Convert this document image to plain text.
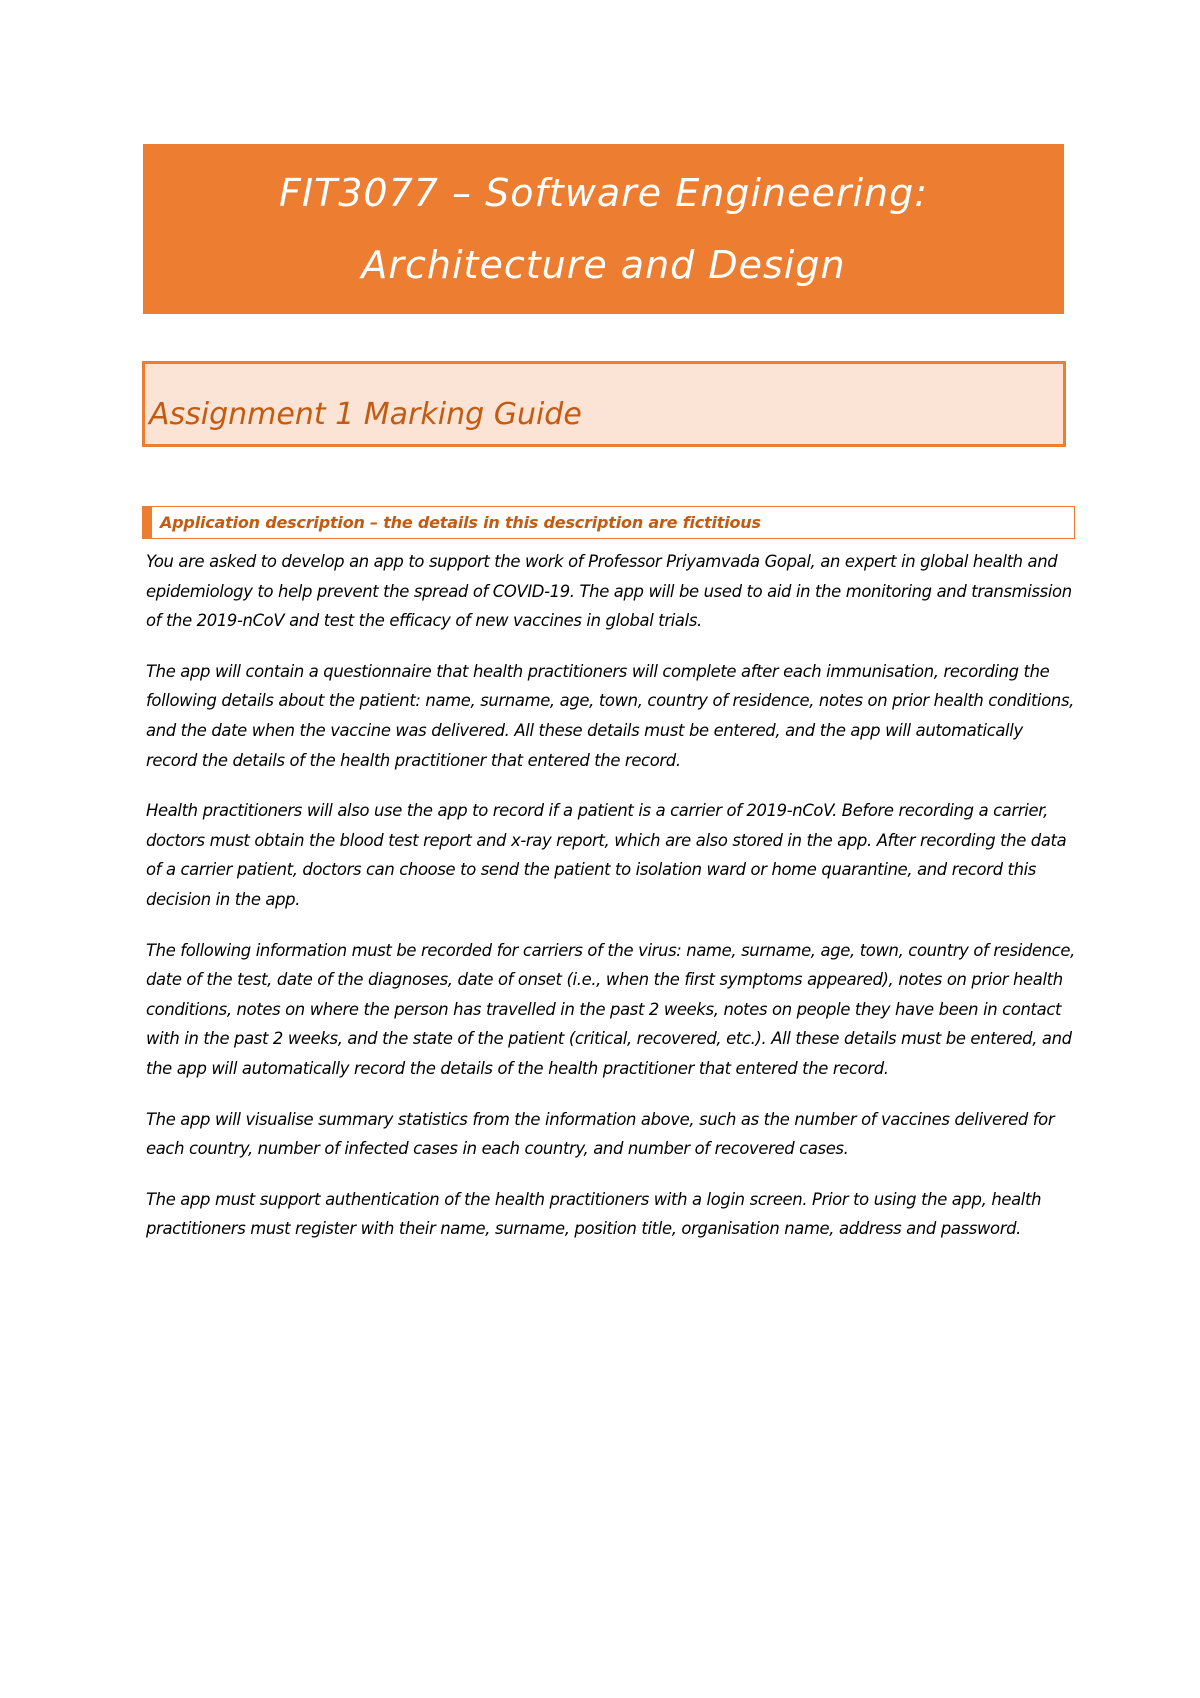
FIT3077 – Software Engineering:
Architecture and Design
Assignment 1 Marking Guide
Application description – the details in this description are fictitious

You are asked to develop an app to support the work of Professor Priyamvada Gopal, an expert in global health and epidemiology to help prevent the spread of COVID-19. The app will be used to aid in the monitoring and transmission of the 2019-nCoV and test the efficacy of new vaccines in global trials.

The app will contain a questionnaire that health practitioners will complete after each immunisation, recording the following details about the patient: name, surname, age, town, country of residence, notes on prior health conditions, and the date when the vaccine was delivered. All these details must be entered, and the app will automatically record the details of the health practitioner that entered the record.

Health practitioners will also use the app to record if a patient is a carrier of 2019-nCoV. Before recording a carrier, doctors must obtain the blood test report and x-ray report, which are also stored in the app. After recording the data of a carrier patient, doctors can choose to send the patient to isolation ward or home quarantine, and record this decision in the app.

The following information must be recorded for carriers of the virus: name, surname, age, town, country of residence, date of the test, date of the diagnoses, date of onset (i.e., when the first symptoms appeared), notes on prior health conditions, notes on where the person has travelled in the past 2 weeks, notes on people they have been in contact with in the past 2 weeks, and the state of the patient (critical, recovered, etc.). All these details must be entered, and the app will automatically record the details of the health practitioner that entered the record.

The app will visualise summary statistics from the information above, such as the number of vaccines delivered for each country, number of infected cases in each country, and number of recovered cases.

The app must support authentication of the health practitioners with a login screen. Prior to using the app, health practitioners must register with their name, surname, position title, organisation name, address and password.
